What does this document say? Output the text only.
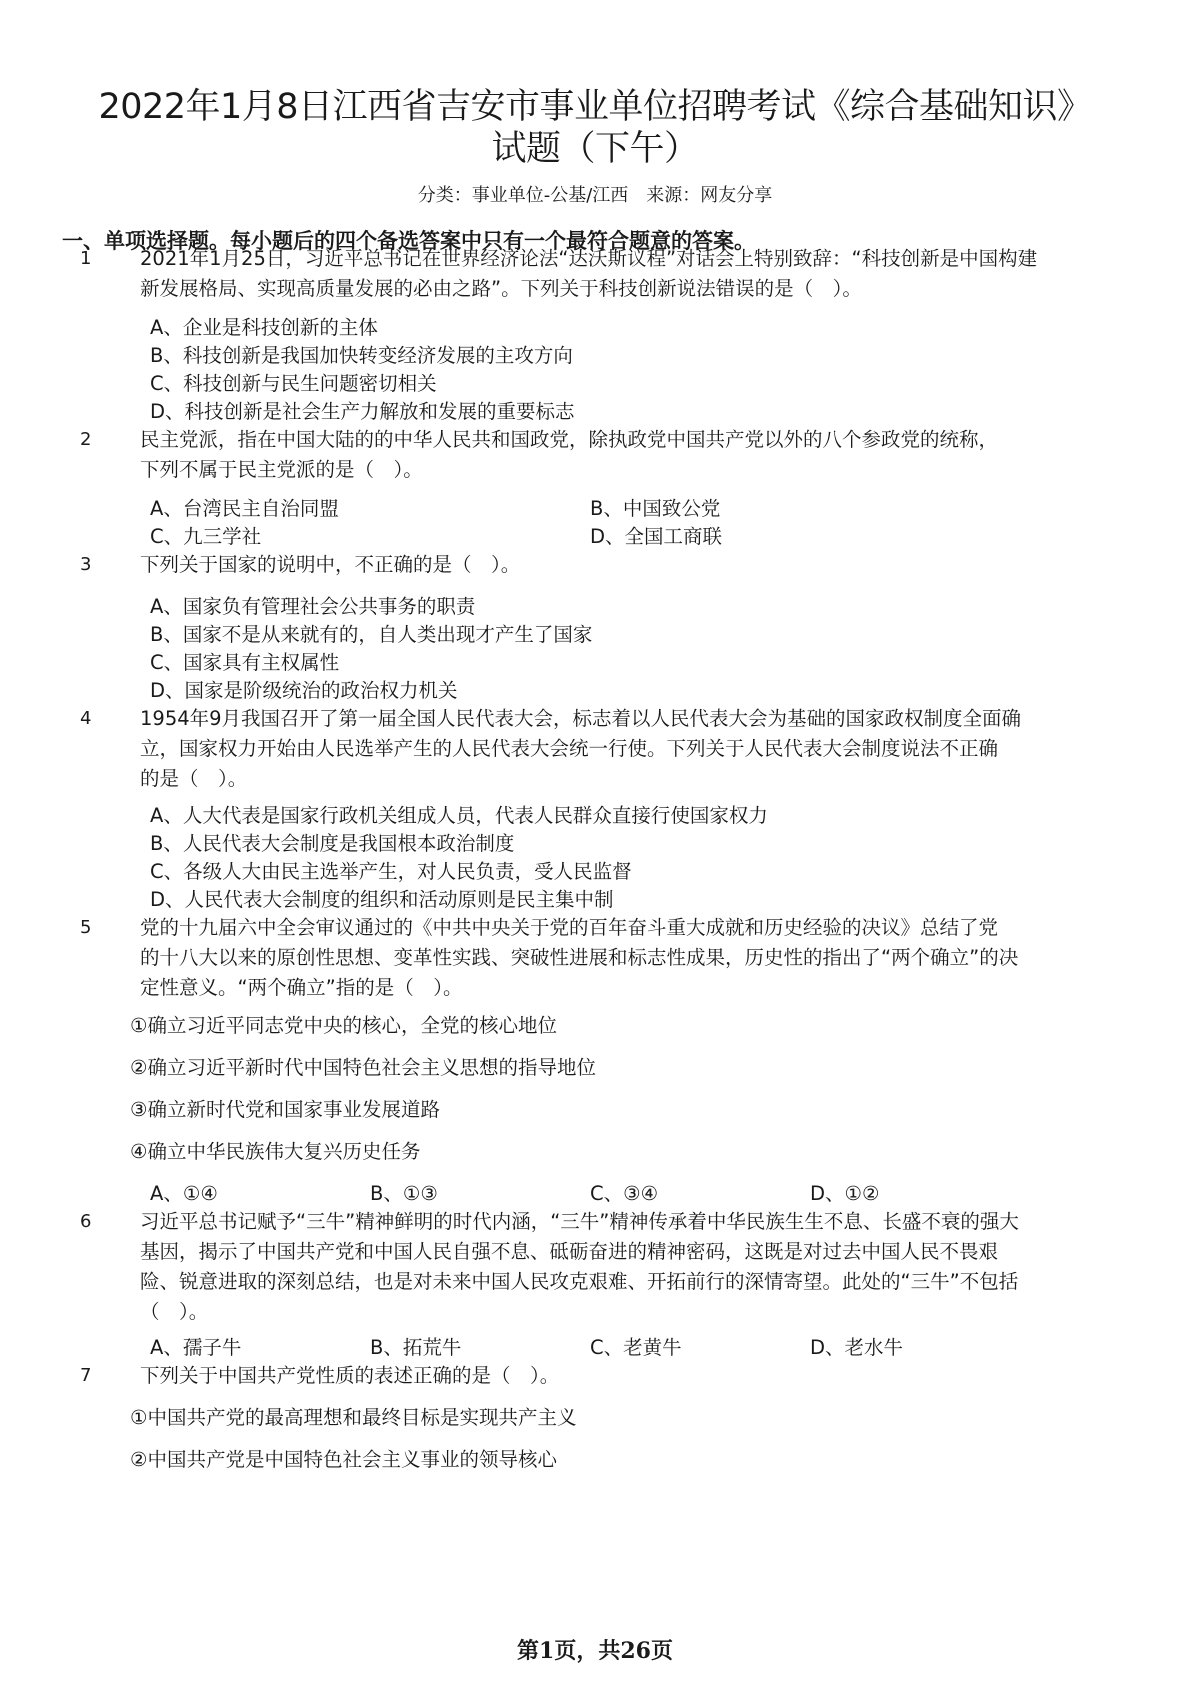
2022年1月8日江西省吉安市事业单位招聘考试《综合基础知识》
试题（下午）
分类：事业单位-公基/江西　来源：网友分享
一、单项选择题。每小题后的四个备选答案中只有一个最符合题意的答案。
1	2021年1月25日，习近平总书记在世界经济论法“达沃斯议程”对话会上特别致辞：“科技创新是中国构建
新发展格局、实现高质量发展的必由之路”。下列关于科技创新说法错误的是（　）。
A、企业是科技创新的主体
B、科技创新是我国加快转变经济发展的主攻方向
C、科技创新与民生问题密切相关
D、科技创新是社会生产力解放和发展的重要标志
2	民主党派，指在中国大陆的的中华人民共和国政党，除执政党中国共产党以外的八个参政党的统称，
下列不属于民主党派的是（　）。
A、台湾民主自治同盟	B、中国致公党
C、九三学社	D、全国工商联
3	下列关于国家的说明中，不正确的是（　）。
A、国家负有管理社会公共事务的职责
B、国家不是从来就有的，自人类出现才产生了国家
C、国家具有主权属性
D、国家是阶级统治的政治权力机关
4	1954年9月我国召开了第一届全国人民代表大会，标志着以人民代表大会为基础的国家政权制度全面确
立，国家权力开始由人民选举产生的人民代表大会统一行使。下列关于人民代表大会制度说法不正确
的是（　）。
A、人大代表是国家行政机关组成人员，代表人民群众直接行使国家权力
B、人民代表大会制度是我国根本政治制度
C、各级人大由民主选举产生，对人民负责，受人民监督
D、人民代表大会制度的组织和活动原则是民主集中制
5	党的十九届六中全会审议通过的《中共中央关于党的百年奋斗重大成就和历史经验的决议》总结了党
的十八大以来的原创性思想、变革性实践、突破性进展和标志性成果，历史性的指出了“两个确立”的决
定性意义。“两个确立”指的是（　）。
①确立习近平同志党中央的核心，全党的核心地位
②确立习近平新时代中国特色社会主义思想的指导地位
③确立新时代党和国家事业发展道路
④确立中华民族伟大复兴历史任务
A、①④	B、①③	C、③④	D、①②
6	习近平总书记赋予“三牛”精神鲜明的时代内涵，“三牛”精神传承着中华民族生生不息、长盛不衰的强大
基因，揭示了中国共产党和中国人民自强不息、砥砺奋进的精神密码，这既是对过去中国人民不畏艰
险、锐意进取的深刻总结，也是对未来中国人民攻克艰难、开拓前行的深情寄望。此处的“三牛”不包括
（　）。
A、孺子牛	B、拓荒牛	C、老黄牛	D、老水牛
7	下列关于中国共产党性质的表述正确的是（　）。
①中国共产党的最高理想和最终目标是实现共产主义
②中国共产党是中国特色社会主义事业的领导核心
第1页，共26页
